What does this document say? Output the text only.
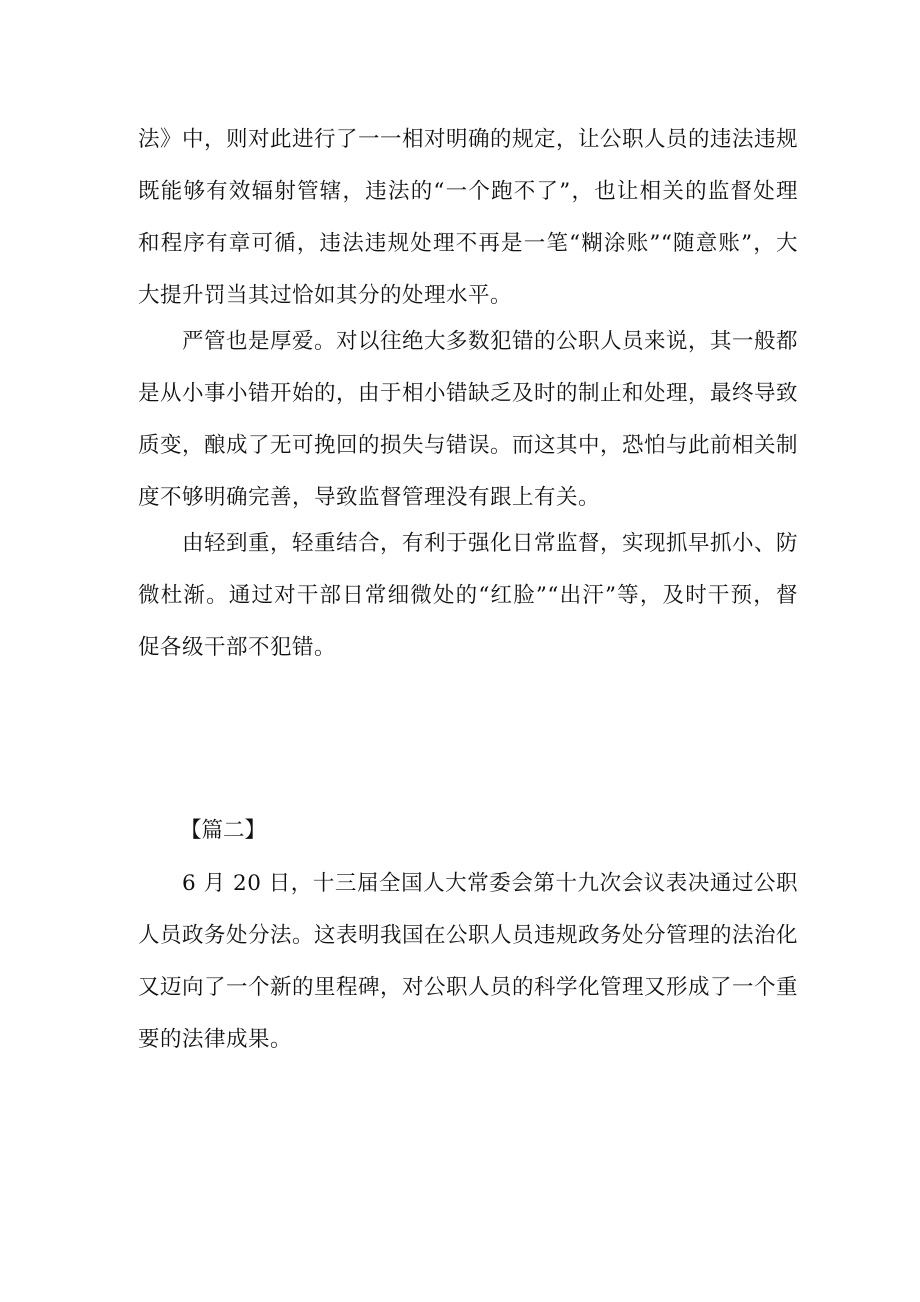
法》中，则对此进行了一一相对明确的规定，让公职人员的违法违规既能够有效辐射管辖，违法的“一个跑不了”，也让相关的监督处理和程序有章可循，违法违规处理不再是一笔“糊涂账”“随意账”，大大提升罚当其过恰如其分的处理水平。

严管也是厚爱。对以往绝大多数犯错的公职人员来说，其一般都是从小事小错开始的，由于相小错缺乏及时的制止和处理，最终导致质变，酿成了无可挽回的损失与错误。而这其中，恐怕与此前相关制度不够明确完善，导致监督管理没有跟上有关。

由轻到重，轻重结合，有利于强化日常监督，实现抓早抓小、防微杜渐。通过对干部日常细微处的“红脸”“出汗”等，及时干预，督促各级干部不犯错。

【篇二】

6 月 20 日，十三届全国人大常委会第十九次会议表决通过公职人员政务处分法。这表明我国在公职人员违规政务处分管理的法治化又迈向了一个新的里程碑，对公职人员的科学化管理又形成了一个重要的法律成果。
